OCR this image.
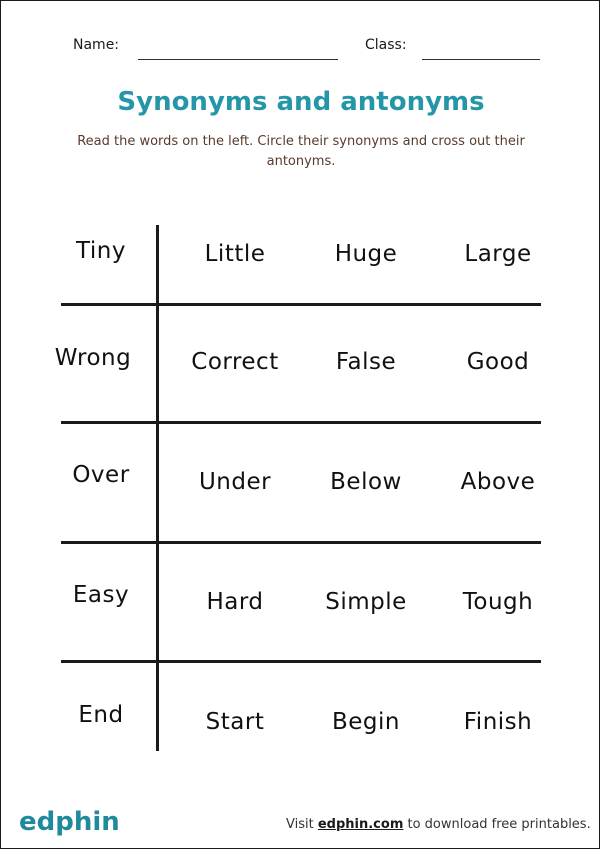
Name:	Class:
Synonyms and antonyms
Read the words on the left. Circle their synonyms and cross out their antonyms.
Tiny	Little	Huge	Large
Wrong	Correct	False	Good
Over	Under	Below	Above
Easy	Hard	Simple	Tough
End	Start	Begin	Finish
edphin	Visit edphin.com to download free printables.
